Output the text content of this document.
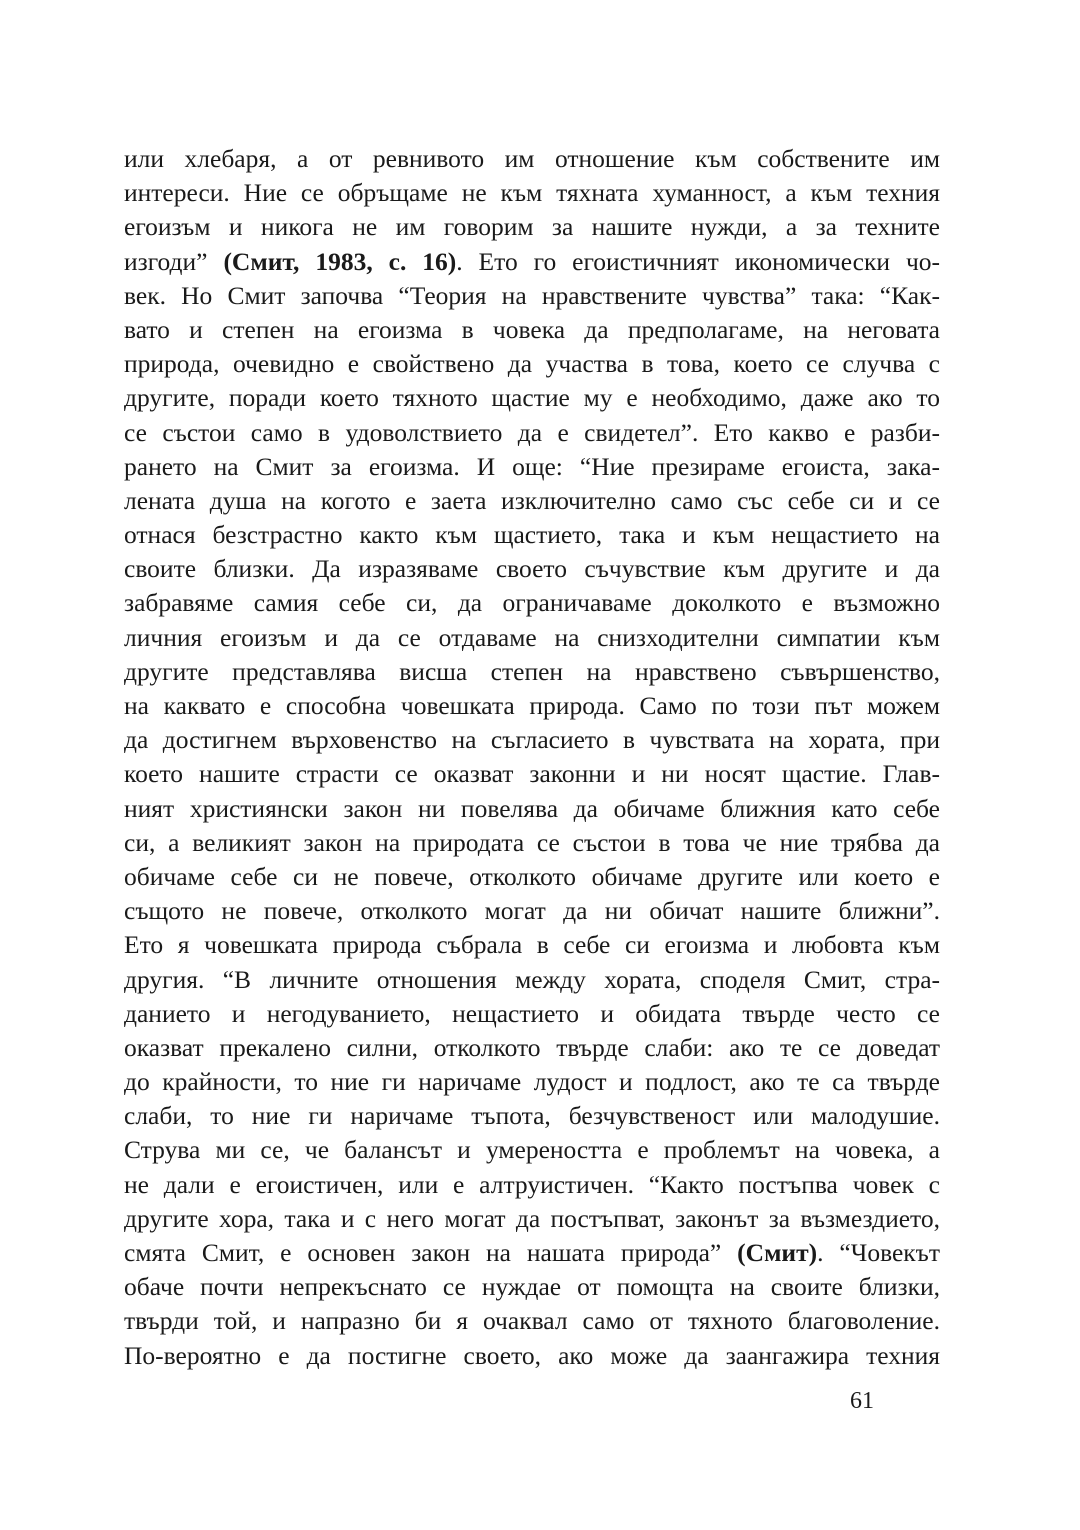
или хлебаря, а от ревнивото им отношение към собствените им
интереси. Ние се обръщаме не към тяхната хуманност, а към техния
егоизъм и никога не им говорим за нашите нужди, а за техните
изгоди” (Смит, 1983, с. 16). Ето го егоистичният икономически чо-
век. Но Смит започва “Теория на нравствените чувства” така: “Как-
вато и степен на егоизма в човека да предполагаме, на неговата
природа, очевидно е свойствено да участва в това, което се случва с
другите, поради което тяхното щастие му е необходимо, даже ако то
се състои само в удоволствието да е свидетел”. Ето какво е разби-
рането на Смит за егоизма. И още: “Ние презираме егоиста, зака-
лената душа на когото е заета изключително само със себе си и се
отнася безстрастно както към щастието, така и към нещастието на
своите близки. Да изразяваме своето съчувствие към другите и да
забравяме самия себе си, да ограничаваме доколкото е възможно
личния егоизъм и да се отдаваме на снизходителни симпатии към
другите представлява висша степен на нравствено съвършенство,
на каквато е способна човешката природа. Само по този път можем
да достигнем върховенство на съгласието в чувствата на хората, при
което нашите страсти се оказват законни и ни носят щастие. Глав-
ният християнски закон ни повелява да обичаме ближния като себе
си, а великият закон на природата се състои в това че ние трябва да
обичаме себе си не повече, отколкото обичаме другите или което е
същото не повече, отколкото могат да ни обичат нашите ближни”.
Ето я човешката природа събрала в себе си егоизма и любовта към
другия. “В личните отношения между хората, споделя Смит, стра-
данието и негодуванието, нещастието и обидата твърде често се
оказват прекалено силни, отколкото твърде слаби: ако те се доведат
до крайности, то ние ги наричаме лудост и подлост, ако те са твърде
слаби, то ние ги наричаме тъпота, безчувственост или малодушие.
Струва ми се, че балансът и умереността е проблемът на човека, а
не дали е егоистичен, или е алтруистичен. “Както постъпва човек с
другите хора, така и с него могат да постъпват, законът за възмездието,
смята Смит, е основен закон на нашата природа” (Смит). “Човекът
обаче почти непрекъснато се нуждае от помощта на своите близки,
твърди той, и напразно би я очаквал само от тяхното благоволение.
По-вероятно е да постигне своето, ако може да заангажира техния
61
